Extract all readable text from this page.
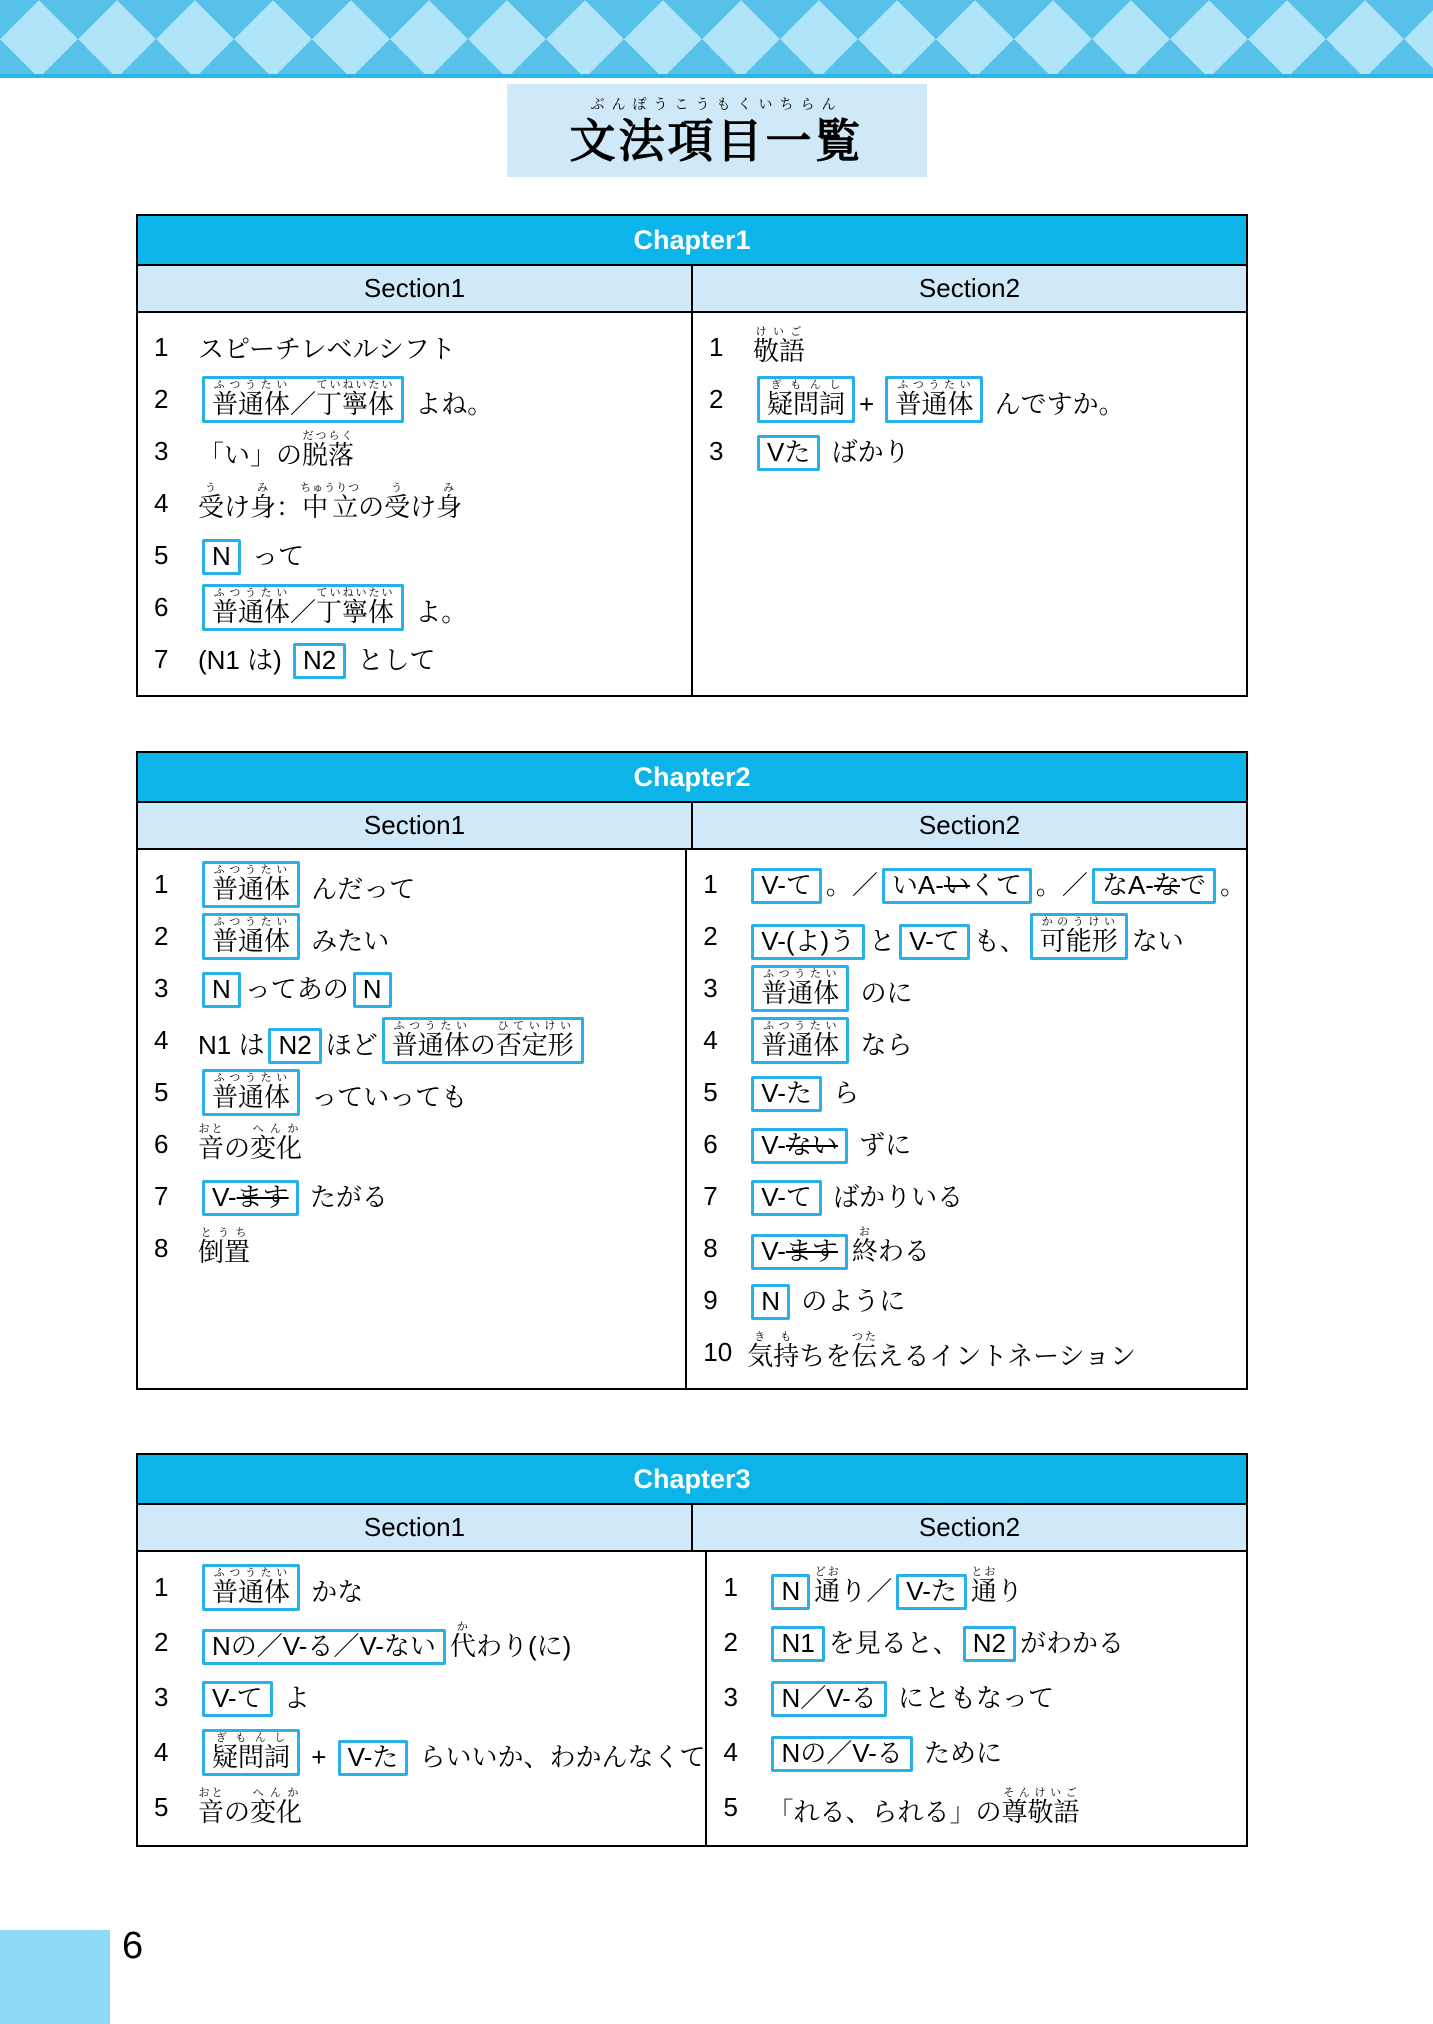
ぶんぽうこうもくいちらん
文法項目一覧
Chapter1
Section1	Section2
1	スピーチレベルシフト
2	普通体ふつうたい／丁寧体ていねいたい よね。
3	「い」の脱落だつらく
4	受うけ身み：中立ちゅうりつの受うけ身み
5	N って
6	普通体ふつうたい／丁寧体ていねいたい よ。
7	(N1 は) N2 として
1	敬語けいご
2	疑問詞ぎもんし+ 普通体ふつうたい んですか。
3	Vた ばかり
Chapter2
Section1	Section2
1	普通体ふつうたい んだって
2	普通体ふつうたい みたい
3	N ってあの N
4	N1 は N2 ほど 普通体ふつうたいの否定形ひていけい
5	普通体ふつうたい っていっても
6	音おとの変化へんか
7	V-ます たがる
8	倒置とうち
1	V-て 。／ いA-いくて 。／ なA-なで 。
2	V-(よ)う と V-て も、 可能形かのうけいない
3	普通体ふつうたい のに
4	普通体ふつうたい なら
5	V-た ら
6	V-ない ずに
7	V-て ばかりいる
8	V-ます 終おわる
9	N のように
10 気持きもちを伝つたえるイントネーション
Chapter3
Section1	Section2
1	普通体ふつうたい かな
2	Nの／V-る／V-ない 代かわり(に)
3	V-て よ
4	疑問詞ぎもんし + V-た らいいか、わかんなくて
5	音おとの変化へんか
1	N 通どおり／ V-た 通とおり
2	N1 を見ると、 N2 がわかる
3	N／V-る にともなって
4	Nの／V-る ために
5	「れる、られる」の尊敬語そんけいご
6
